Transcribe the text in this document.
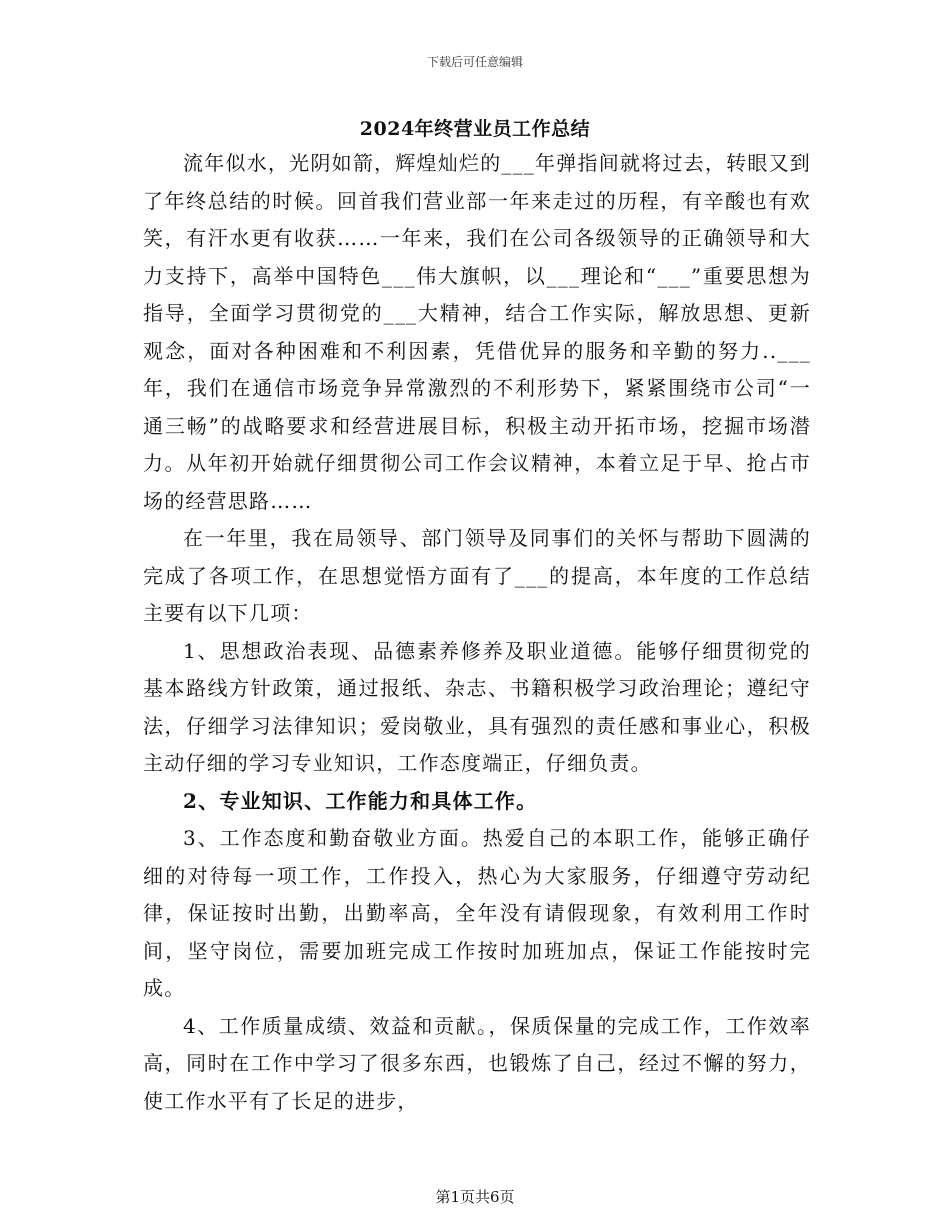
下载后可任意编辑
2024年终营业员工作总结

流年似水，光阴如箭，辉煌灿烂的___年弹指间就将过去，转眼又到了年终总结的时候。回首我们营业部一年来走过的历程，有辛酸也有欢笑，有汗水更有收获……一年来，我们在公司各级领导的正确领导和大力支持下，高举中国特色___伟大旗帜，以___理论和“___”重要思想为指导，全面学习贯彻党的___大精神，结合工作实际，解放思想、更新观念，面对各种困难和不利因素，凭借优异的服务和辛勤的努力..___年，我们在通信市场竞争异常激烈的不利形势下，紧紧围绕市公司“一通三畅”的战略要求和经营进展目标，积极主动开拓市场，挖掘市场潜力。从年初开始就仔细贯彻公司工作会议精神，本着立足于早、抢占市场的经营思路……

在一年里，我在局领导、部门领导及同事们的关怀与帮助下圆满的完成了各项工作，在思想觉悟方面有了___的提高，本年度的工作总结主要有以下几项：

1、思想政治表现、品德素养修养及职业道德。能够仔细贯彻党的基本路线方针政策，通过报纸、杂志、书籍积极学习政治理论；遵纪守法，仔细学习法律知识；爱岗敬业，具有强烈的责任感和事业心，积极主动仔细的学习专业知识，工作态度端正，仔细负责。

2、专业知识、工作能力和具体工作。

3、工作态度和勤奋敬业方面。热爱自己的本职工作，能够正确仔细的对待每一项工作，工作投入，热心为大家服务，仔细遵守劳动纪律，保证按时出勤，出勤率高，全年没有请假现象，有效利用工作时间，坚守岗位，需要加班完成工作按时加班加点，保证工作能按时完成。

4、工作质量成绩、效益和贡献。，保质保量的完成工作，工作效率高，同时在工作中学习了很多东西，也锻炼了自己，经过不懈的努力，使工作水平有了长足的进步，

第1页共6页
